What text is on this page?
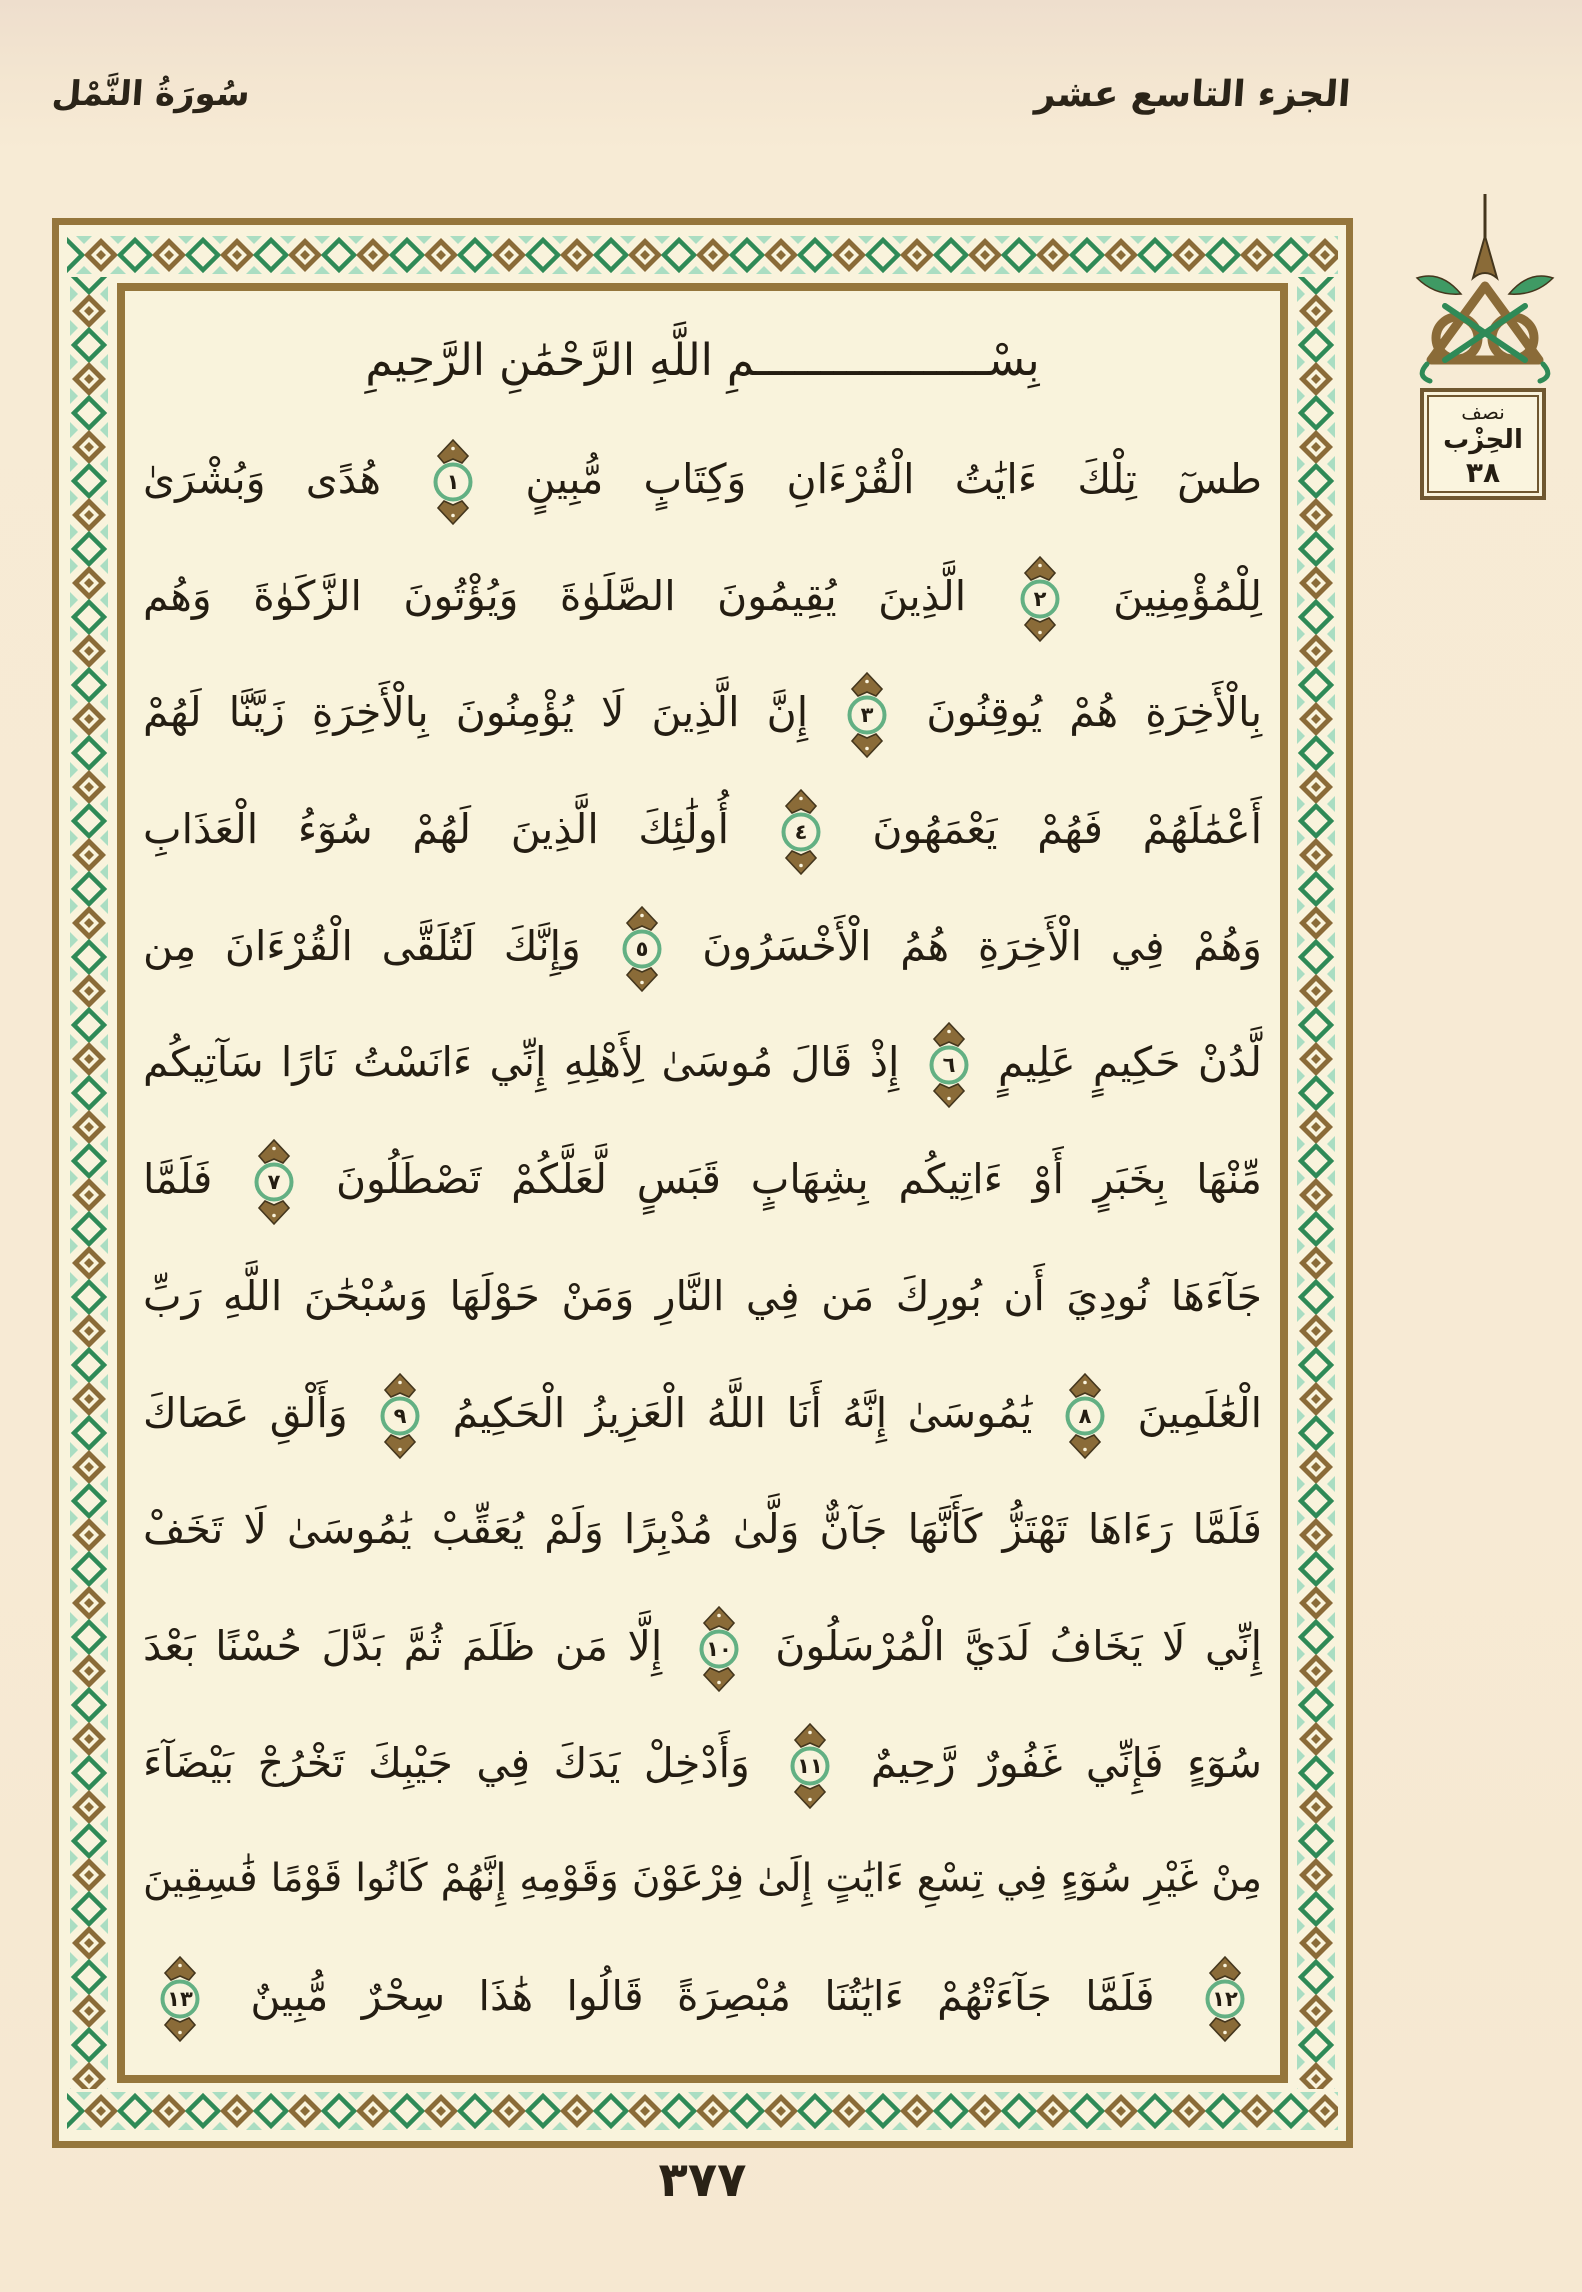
سُورَةُ النَّمْل	الجزء التاسع عشر
بِسْــــــــــــــــــمِ اللَّهِ الرَّحْمَٰنِ الرَّحِيمِ
طسٓ تِلْكَ ءَايَٰتُ الْقُرْءَانِ وَكِتَابٍ مُّبِينٍ
١
هُدًى وَبُشْرَىٰ
لِلْمُؤْمِنِينَ
٢
الَّذِينَ يُقِيمُونَ الصَّلَوٰةَ وَيُؤْتُونَ الزَّكَوٰةَ وَهُم
بِالْأَخِرَةِ هُمْ يُوقِنُونَ
٣
إِنَّ الَّذِينَ لَا يُؤْمِنُونَ بِالْأَخِرَةِ زَيَّنَّا لَهُمْ
أَعْمَٰلَهُمْ فَهُمْ يَعْمَهُونَ
٤
أُولَٰئِكَ الَّذِينَ لَهُمْ سُوٓءُ الْعَذَابِ
وَهُمْ فِي الْأَخِرَةِ هُمُ الْأَخْسَرُونَ
٥
وَإِنَّكَ لَتُلَقَّى الْقُرْءَانَ مِن
لَّدُنْ حَكِيمٍ عَلِيمٍ
٦
إِذْ قَالَ مُوسَىٰ لِأَهْلِهِ إِنِّي ءَانَسْتُ نَارًا سَآتِيكُم
مِّنْهَا بِخَبَرٍ أَوْ ءَاتِيكُم بِشِهَابٍ قَبَسٍ لَّعَلَّكُمْ تَصْطَلُونَ
٧
فَلَمَّا
جَآءَهَا نُودِيَ أَن بُورِكَ مَن فِي النَّارِ وَمَنْ حَوْلَهَا وَسُبْحَٰنَ اللَّهِ رَبِّ
الْعَٰلَمِينَ
٨
يَٰمُوسَىٰ إِنَّهُ أَنَا اللَّهُ الْعَزِيزُ الْحَكِيمُ
٩
وَأَلْقِ عَصَاكَ
فَلَمَّا رَءَاهَا تَهْتَزُّ كَأَنَّهَا جَآنٌّ وَلَّىٰ مُدْبِرًا وَلَمْ يُعَقِّبْ يَٰمُوسَىٰ لَا تَخَفْ
إِنِّي لَا يَخَافُ لَدَيَّ الْمُرْسَلُونَ
١٠
إِلَّا مَن ظَلَمَ ثُمَّ بَدَّلَ حُسْنًا بَعْدَ
سُوٓءٍ فَإِنِّي غَفُورٌ رَّحِيمٌ
١١
وَأَدْخِلْ يَدَكَ فِي جَيْبِكَ تَخْرُجْ بَيْضَآءَ
مِنْ غَيْرِ سُوٓءٍ فِي تِسْعِ ءَايَٰتٍ إِلَىٰ فِرْعَوْنَ وَقَوْمِهِ إِنَّهُمْ كَانُوا قَوْمًا فَٰسِقِينَ
١٢
فَلَمَّا جَآءَتْهُمْ ءَايَٰتُنَا مُبْصِرَةً قَالُوا هَٰذَا سِحْرٌ مُّبِينٌ
١٣
نصف
الحِزْب
٣٨
٣٧٧
